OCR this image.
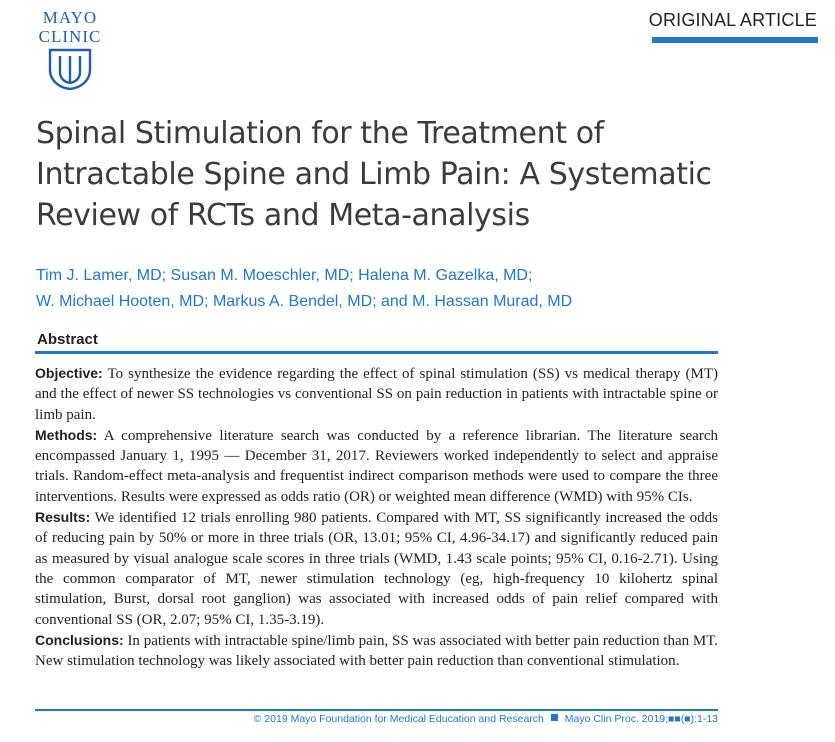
MAYO
CLINIC
ORIGINAL ARTICLE
Spinal Stimulation for the Treatment of Intractable Spine and Limb Pain: A Systematic Review of RCTs and Meta-analysis
Tim J. Lamer, MD; Susan M. Moeschler, MD; Halena M. Gazelka, MD;
W. Michael Hooten, MD; Markus A. Bendel, MD; and M. Hassan Murad, MD
Abstract

Objective: To synthesize the evidence regarding the effect of spinal stimulation (SS) vs medical therapy (MT) and the effect of newer SS technologies vs conventional SS on pain reduction in patients with intractable spine or limb pain.

Methods: A comprehensive literature search was conducted by a reference librarian. The literature search encompassed January 1, 1995 — December 31, 2017. Reviewers worked independently to select and appraise trials. Random-effect meta-analysis and frequentist indirect comparison methods were used to compare the three interventions. Results were expressed as odds ratio (OR) or weighted mean difference (WMD) with 95% CIs.

Results: We identified 12 trials enrolling 980 patients. Compared with MT, SS significantly increased the odds of reducing pain by 50% or more in three trials (OR, 13.01; 95% CI, 4.96-34.17) and significantly reduced pain as measured by visual analogue scale scores in three trials (WMD, 1.43 scale points; 95% CI, 0.16-2.71). Using the common comparator of MT, newer stimulation technology (eg, high-frequency 10 kilohertz spinal stimulation, Burst, dorsal root ganglion) was associated with increased odds of pain relief compared with conventional SS (OR, 2.07; 95% CI, 1.35-3.19).

Conclusions: In patients with intractable spine/limb pain, SS was associated with better pain reduction than MT. New stimulation technology was likely associated with better pain reduction than conventional stimulation.

© 2019 Mayo Foundation for Medical Education and Research Mayo Clin Proc. 2019;■■(■):1-13
